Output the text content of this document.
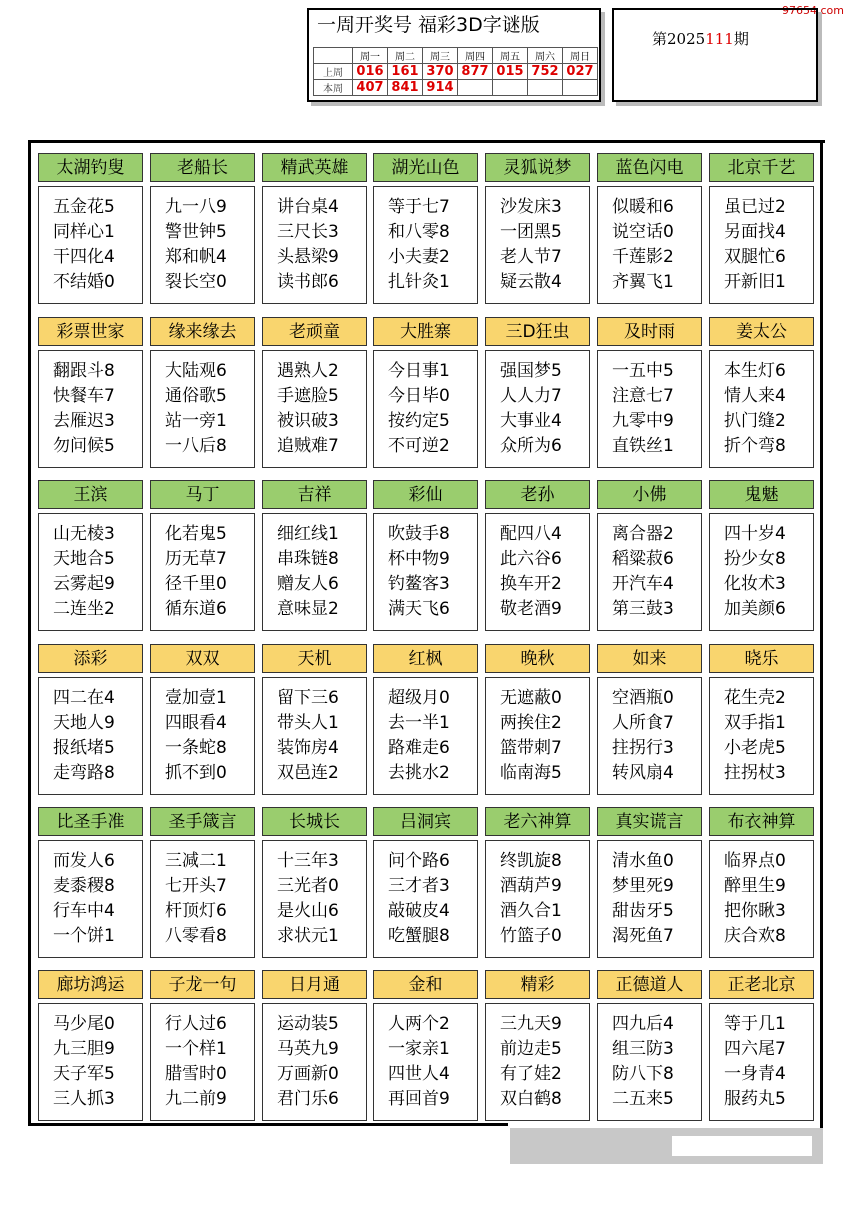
97654.com
一周开奖号 福彩3D字谜版
	周一	周二	周三	周四	周五	周六	周日
上周	016	161	370	877	015	752	027
本周	407	841	914				
第2025111期
太湖钓叟
五金花5
同样心1
干四化4
不结婚0
老船长
九一八9
警世钟5
郑和帆4
裂长空0
精武英雄
讲台桌4
三尺长3
头悬梁9
读书郎6
湖光山色
等于七7
和八零8
小夫妻2
扎针灸1
灵狐说梦
沙发床3
一团黑5
老人节7
疑云散4
蓝色闪电
似暖和6
说空话0
千莲影2
齐翼飞1
北京千艺
虽已过2
另面找4
双腿忙6
开新旧1
彩票世家
翻跟斗8
快餐车7
去雁迟3
勿问候5
缘来缘去
大陆观6
通俗歌5
站一旁1
一八后8
老顽童
遇熟人2
手遮脸5
被识破3
追贼难7
大胜寨
今日事1
今日毕0
按约定5
不可逆2
三D狂虫
强国梦5
人人力7
大事业4
众所为6
及时雨
一五中5
注意七7
九零中9
直铁丝1
姜太公
本生灯6
情人来4
扒门缝2
折个弯8
王滨
山无棱3
天地合5
云雾起9
二连坐2
马丁
化若鬼5
历无草7
径千里0
循东道6
吉祥
细红线1
串珠链8
赠友人6
意味显2
彩仙
吹鼓手8
杯中物9
钓鳌客3
满天飞6
老孙
配四八4
此六谷6
换车开2
敬老酒9
小佛
离合器2
稻粱菽6
开汽车4
第三鼓3
鬼魅
四十岁4
扮少女8
化妆术3
加美颜6
添彩
四二在4
天地人9
报纸堵5
走弯路8
双双
壹加壹1
四眼看4
一条蛇8
抓不到0
天机
留下三6
带头人1
装饰房4
双邑连2
红枫
超级月0
去一半1
路难走6
去挑水2
晚秋
无遮蔽0
两挨住2
篮带刺7
临南海5
如来
空酒瓶0
人所食7
拄拐行3
转风扇4
晓乐
花生壳2
双手指1
小老虎5
拄拐杖3
比圣手准
而发人6
麦黍稷8
行车中4
一个饼1
圣手箴言
三减二1
七开头7
杆顶灯6
八零看8
长城长
十三年3
三光者0
是火山6
求状元1
吕洞宾
问个路6
三才者3
敲破皮4
吃蟹腿8
老六神算
终凯旋8
酒葫芦9
酒久合1
竹篮子0
真实谎言
清水鱼0
梦里死9
甜齿牙5
渴死鱼7
布衣神算
临界点0
醉里生9
把你瞅3
庆合欢8
廊坊鸿运
马少尾0
九三胆9
天子军5
三人抓3
子龙一句
行人过6
一个样1
腊雪时0
九二前9
日月通
运动装5
马英九9
万画新0
君门乐6
金和
人两个2
一家亲1
四世人4
再回首9
精彩
三九天9
前边走5
有了娃2
双白鹤8
正德道人
四九后4
组三防3
防八下8
二五来5
正老北京
等于几1
四六尾7
一身青4
服药丸5
